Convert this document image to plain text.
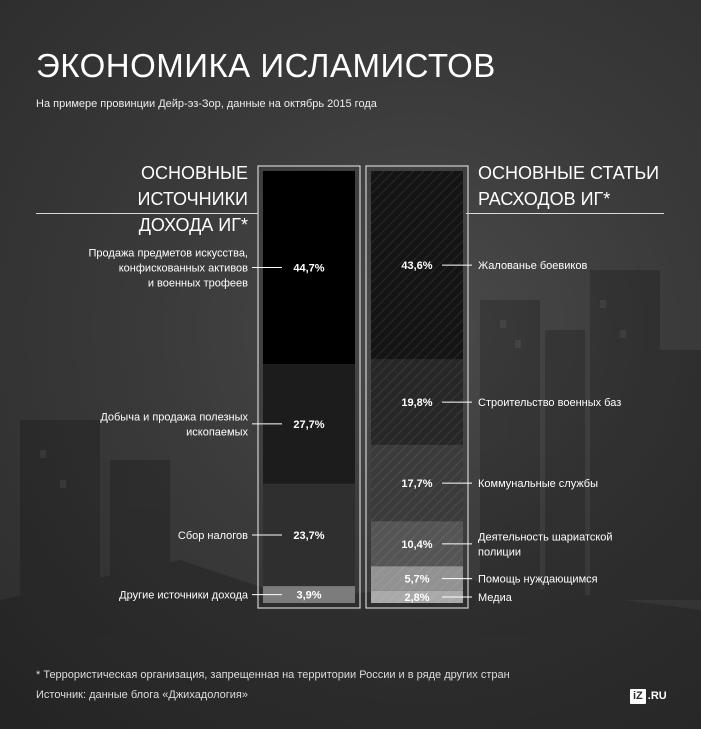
ЭКОНОМИКА ИСЛАМИСТОВ
На примере провинции Дейр-эз-Зор, данные на октябрь 2015 года
ОСНОВНЫЕ ИСТОЧНИКИ
ДОХОДА ИГ*
ОСНОВНЫЕ СТАТЬИ
РАСХОДОВ ИГ*
44,7%
Продажа предметов искусства, конфискованных активов и военных трофеев
27,7%
Добыча и продажа полезных ископаемых
23,7%
Сбор налогов
3,9%
Другие источники дохода
43,6%	Жалованье боевиков
19,8%	Строительство военных баз
17,7%	Коммунальные службы
10,4%
Деятельность шариатской полиции
5,7%	Помощь нуждающимся
2,8%	Медиа
* Террористическая организация, запрещенная на территории России и в ряде других стран
Источник: данные блога «Джихадология»	iZ .RU
